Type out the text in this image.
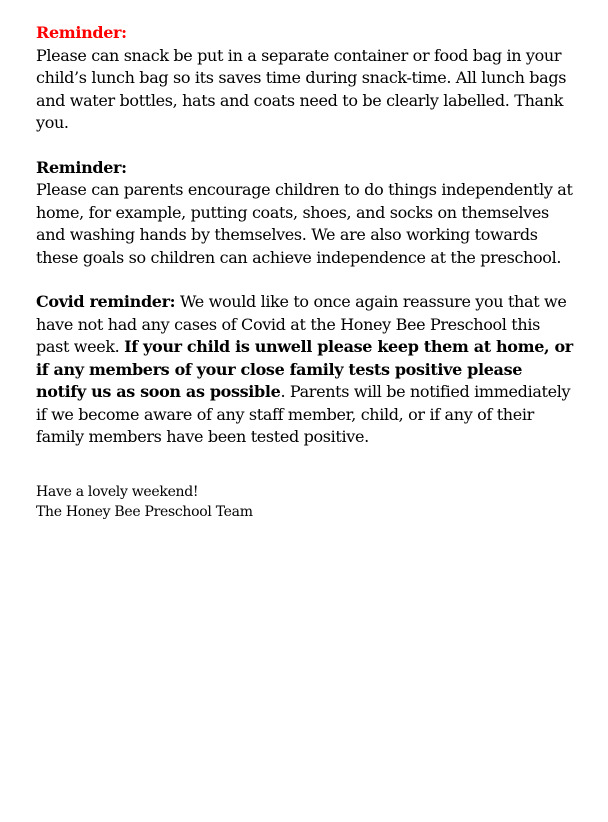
Reminder:
Please can snack be put in a separate container or food bag in your child’s lunch bag so its saves time during snack-time. All lunch bags and water bottles, hats and coats need to be clearly labelled. Thank you.
Reminder:
Please can parents encourage children to do things independently at home, for example, putting coats, shoes, and socks on themselves and washing hands by themselves. We are also working towards these goals so children can achieve independence at the preschool.
Covid reminder: We would like to once again reassure you that we have not had any cases of Covid at the Honey Bee Preschool this past week. If your child is unwell please keep them at home, or if any members of your close family tests positive please notify us as soon as possible. Parents will be notified immediately if we become aware of any staff member, child, or if any of their family members have been tested positive.

Have a lovely weekend!

The Honey Bee Preschool Team
